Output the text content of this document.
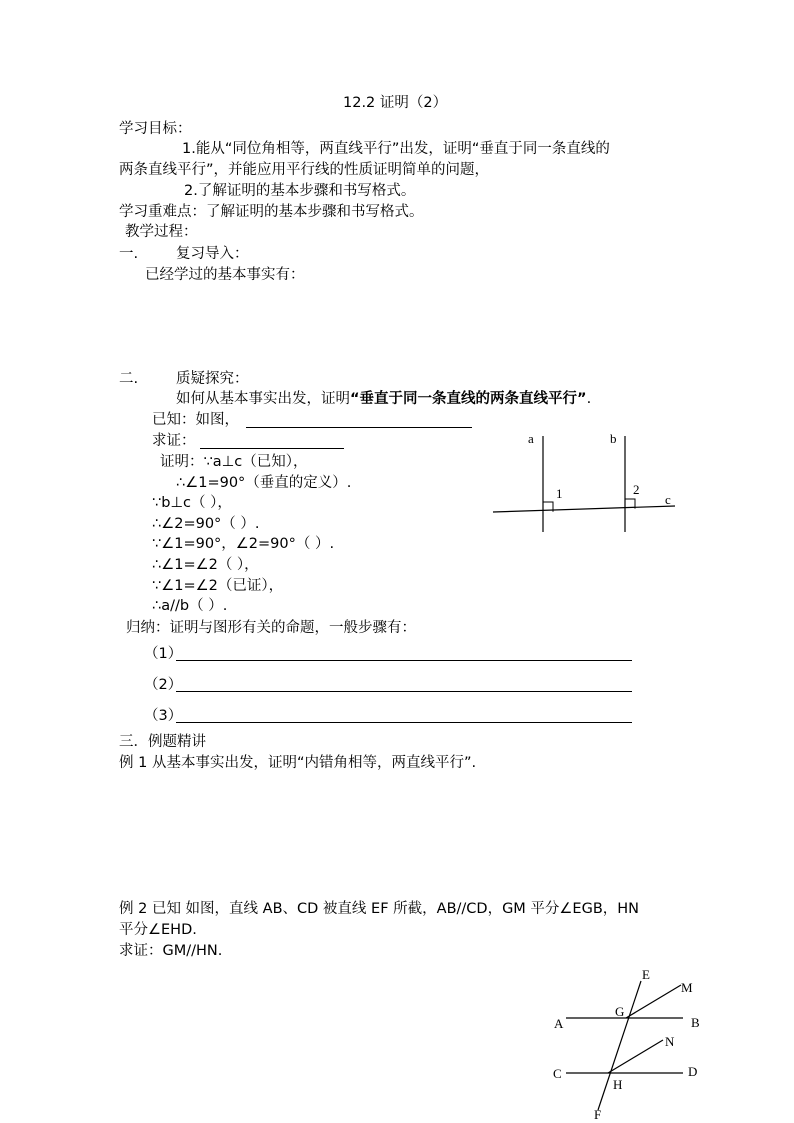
12.2 证明（2）
学习目标：
1.能从“同位角相等，两直线平行”出发，证明“垂直于同一条直线的
两条直线平行”，并能应用平行线的性质证明简单的问题，
2.了解证明的基本步骤和书写格式。
学习重难点：了解证明的基本步骤和书写格式。
教学过程：
一.	复习导入：
已经学过的基本事实有：
二.	质疑探究：
如何从基本事实出发，证明“垂直于同一条直线的两条直线平行”.
已知：如图，
求证：
证明：∵a⊥c（已知），
∴∠1=90°（垂直的定义）.
∵b⊥c（ ），
∴∠2=90°（ ）.
∵∠1=90°，∠2=90°（ ）.
∴∠1=∠2（ ），
∵∠1=∠2（已证），
∴a//b（ ）.
a	b
c
1	2
归纳：证明与图形有关的命题，一般步骤有：
（1）
（2）
（3）
三．例题精讲
例 1 从基本事实出发，证明“内错角相等，两直线平行”.
例 2 已知 如图，直线 AB、CD 被直线 EF 所截，AB//CD，GM 平分∠EGB，HN
平分∠EHD.
求证：GM//HN.
E
M
A
G
B
N
C
H
D
F
